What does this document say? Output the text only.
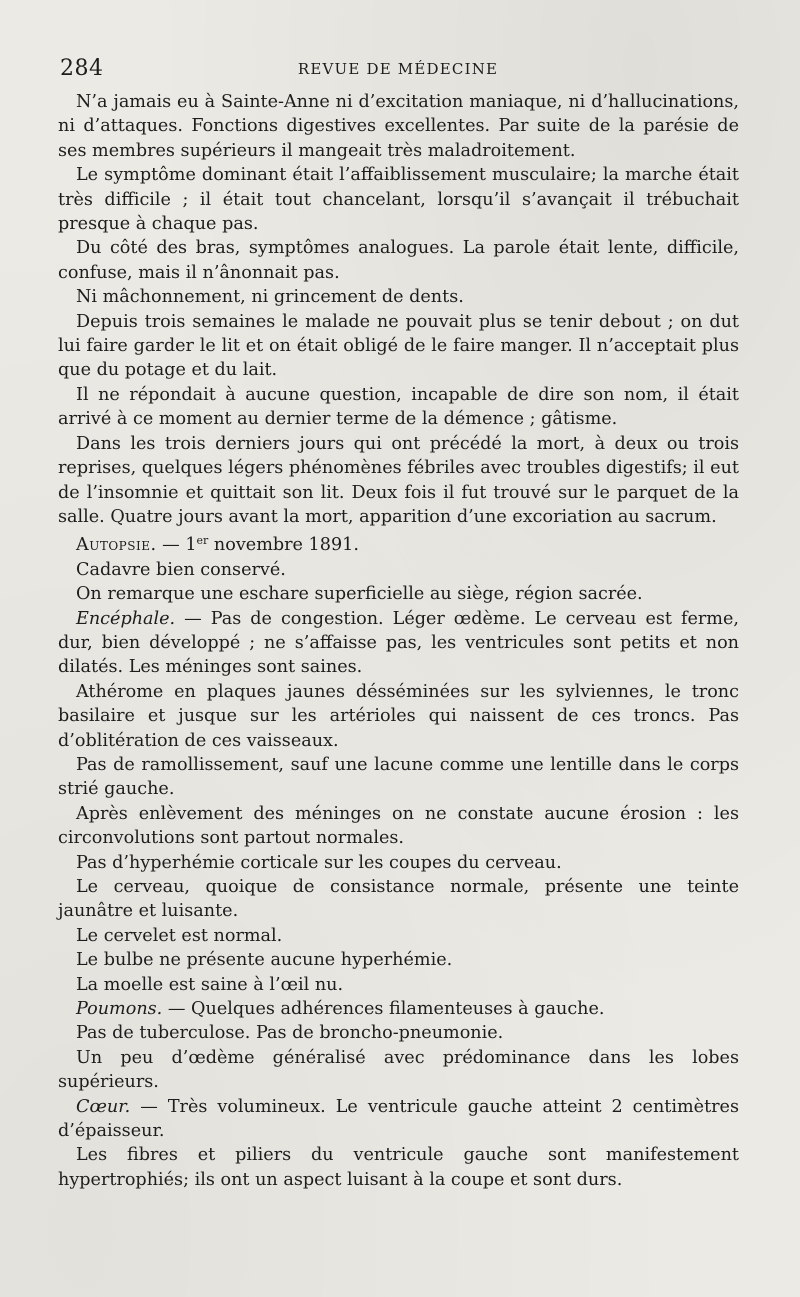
284	REVUE DE MÉDECINE

N’a jamais eu à Sainte-Anne ni d’excitation maniaque, ni d’hallucinations, ni d’attaques. Fonctions digestives excellentes. Par suite de la parésie de ses membres supérieurs il mangeait très maladroitement.

Le symptôme dominant était l’affaiblissement musculaire; la marche était très difficile ; il était tout chancelant, lorsqu’il s’avançait il trébuchait presque à chaque pas.

Du côté des bras, symptômes analogues. La parole était lente, difficile, confuse, mais il n’ânonnait pas.

Ni mâchonnement, ni grincement de dents.

Depuis trois semaines le malade ne pouvait plus se tenir debout ; on dut lui faire garder le lit et on était obligé de le faire manger. Il n’acceptait plus que du potage et du lait.

Il ne répondait à aucune question, incapable de dire son nom, il était arrivé à ce moment au dernier terme de la démence ; gâtisme.

Dans les trois derniers jours qui ont précédé la mort, à deux ou trois reprises, quelques légers phénomènes fébriles avec troubles digestifs; il eut de l’insomnie et quittait son lit. Deux fois il fut trouvé sur le parquet de la salle. Quatre jours avant la mort, apparition d’une excoriation au sacrum.

Autopsie. — 1er novembre 1891.

Cadavre bien conservé.

On remarque une eschare superficielle au siège, région sacrée.

Encéphale. — Pas de congestion. Léger œdème. Le cerveau est ferme, dur, bien développé ; ne s’affaisse pas, les ventricules sont petits et non dilatés. Les méninges sont saines.

Athérome en plaques jaunes désséminées sur les sylviennes, le tronc basilaire et jusque sur les artérioles qui naissent de ces troncs. Pas d’oblitération de ces vaisseaux.

Pas de ramollissement, sauf une lacune comme une lentille dans le corps strié gauche.

Après enlèvement des méninges on ne constate aucune érosion : les circonvolutions sont partout normales.

Pas d’hyperhémie corticale sur les coupes du cerveau.

Le cerveau, quoique de consistance normale, présente une teinte jaunâtre et luisante.

Le cervelet est normal.

Le bulbe ne présente aucune hyperhémie.

La moelle est saine à l’œil nu.

Poumons. — Quelques adhérences filamenteuses à gauche.

Pas de tuberculose. Pas de broncho-pneumonie.

Un peu d’œdème généralisé avec prédominance dans les lobes supérieurs.

Cœur. — Très volumineux. Le ventricule gauche atteint 2 centimètres d’épaisseur.

Les fibres et piliers du ventricule gauche sont manifestement hypertrophiés; ils ont un aspect luisant à la coupe et sont durs.
